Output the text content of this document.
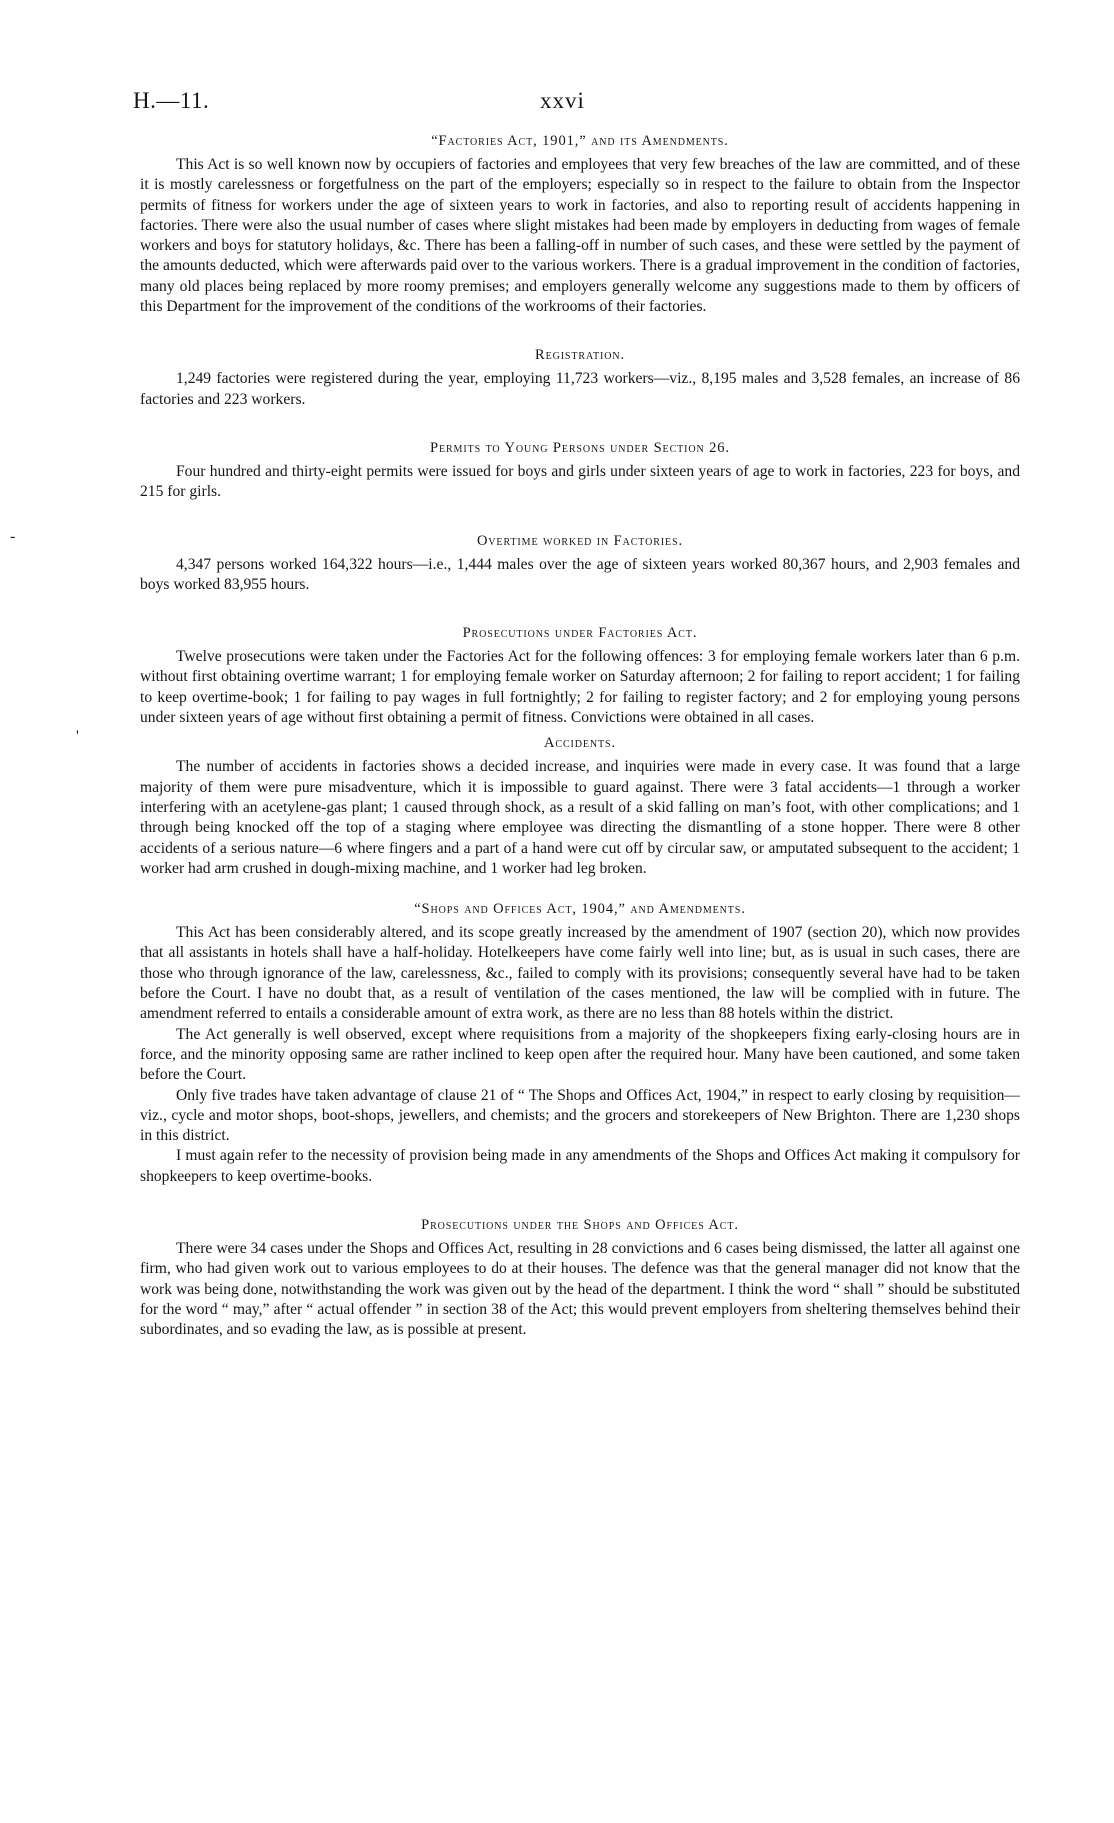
H.—11.	xxvi
-
'
“Factories Act, 1901,” and its Amendments.

This Act is so well known now by occupiers of factories and employees that very few breaches of the law are committed, and of these it is mostly carelessness or forgetfulness on the part of the employers; especially so in respect to the failure to obtain from the Inspector permits of fitness for workers under the age of sixteen years to work in factories, and also to reporting result of accidents happening in factories. There were also the usual number of cases where slight mistakes had been made by employers in deducting from wages of female workers and boys for statutory holidays, &c. There has been a falling-off in number of such cases, and these were settled by the payment of the amounts deducted, which were afterwards paid over to the various workers. There is a gradual improvement in the condition of factories, many old places being replaced by more roomy premises; and employers generally welcome any suggestions made to them by officers of this Department for the improvement of the conditions of the workrooms of their factories.

Registration.

1,249 factories were registered during the year, employing 11,723 workers—viz., 8,195 males and 3,528 females, an increase of 86 factories and 223 workers.

Permits to Young Persons under Section 26.

Four hundred and thirty-eight permits were issued for boys and girls under sixteen years of age to work in factories, 223 for boys, and 215 for girls.

Overtime worked in Factories.

4,347 persons worked 164,322 hours—i.e., 1,444 males over the age of sixteen years worked 80,367 hours, and 2,903 females and boys worked 83,955 hours.

Prosecutions under Factories Act.

Twelve prosecutions were taken under the Factories Act for the following offences: 3 for employing female workers later than 6 p.m. without first obtaining overtime warrant; 1 for employing female worker on Saturday afternoon; 2 for failing to report accident; 1 for failing to keep overtime-book; 1 for failing to pay wages in full fortnightly; 2 for failing to register factory; and 2 for employing young persons under sixteen years of age without first obtaining a permit of fitness. Convictions were obtained in all cases.

Accidents.

The number of accidents in factories shows a decided increase, and inquiries were made in every case. It was found that a large majority of them were pure misadventure, which it is impossible to guard against. There were 3 fatal accidents—1 through a worker interfering with an acetylene-gas plant; 1 caused through shock, as a result of a skid falling on man’s foot, with other complications; and 1 through being knocked off the top of a staging where employee was directing the dismantling of a stone hopper. There were 8 other accidents of a serious nature—6 where fingers and a part of a hand were cut off by circular saw, or amputated subsequent to the accident; 1 worker had arm crushed in dough-mixing machine, and 1 worker had leg broken.

“Shops and Offices Act, 1904,” and Amendments.

This Act has been considerably altered, and its scope greatly increased by the amendment of 1907 (section 20), which now provides that all assistants in hotels shall have a half-holiday. Hotelkeepers have come fairly well into line; but, as is usual in such cases, there are those who through ignorance of the law, carelessness, &c., failed to comply with its provisions; consequently several have had to be taken before the Court. I have no doubt that, as a result of ventilation of the cases mentioned, the law will be complied with in future. The amendment referred to entails a considerable amount of extra work, as there are no less than 88 hotels within the district.

The Act generally is well observed, except where requisitions from a majority of the shopkeepers fixing early-closing hours are in force, and the minority opposing same are rather inclined to keep open after the required hour. Many have been cautioned, and some taken before the Court.

Only five trades have taken advantage of clause 21 of “ The Shops and Offices Act, 1904,” in respect to early closing by requisition—viz., cycle and motor shops, boot-shops, jewellers, and chemists; and the grocers and storekeepers of New Brighton. There are 1,230 shops in this district.

I must again refer to the necessity of provision being made in any amendments of the Shops and Offices Act making it compulsory for shopkeepers to keep overtime-books.

Prosecutions under the Shops and Offices Act.

There were 34 cases under the Shops and Offices Act, resulting in 28 convictions and 6 cases being dismissed, the latter all against one firm, who had given work out to various employees to do at their houses. The defence was that the general manager did not know that the work was being done, notwithstanding the work was given out by the head of the department. I think the word “ shall ” should be substituted for the word “ may,” after “ actual offender ” in section 38 of the Act; this would prevent employers from sheltering themselves behind their subordinates, and so evading the law, as is possible at present.
